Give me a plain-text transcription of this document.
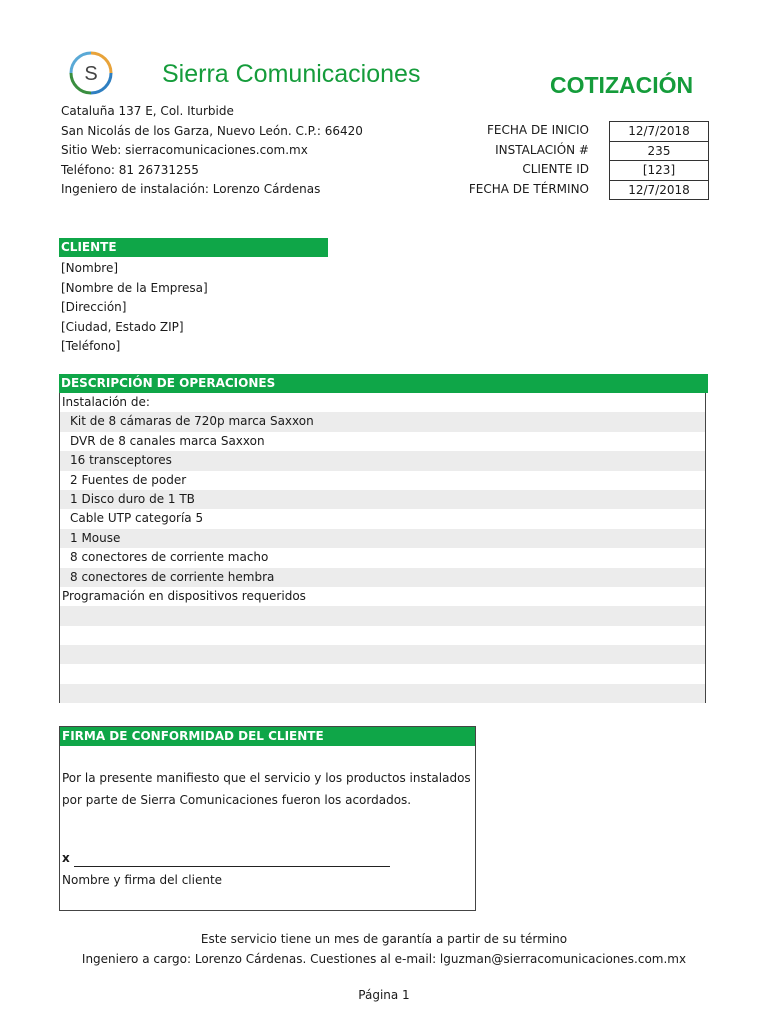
S	Sierra Comunicaciones	COTIZACIÓN
Cataluña 137 E, Col. Iturbide
San Nicolás de los Garza, Nuevo León. C.P.: 66420
Sitio Web: sierracomunicaciones.com.mx
Teléfono: 81 26731255
Ingeniero de instalación: Lorenzo Cárdenas
FECHA DE INICIO
INSTALACIÓN #
CLIENTE ID
FECHA DE TÉRMINO
12/7/2018
235
[123]
12/7/2018
CLIENTE
[Nombre]
[Nombre de la Empresa]
[Dirección]
[Ciudad, Estado ZIP]
[Teléfono]
DESCRIPCIÓN DE OPERACIONES
Instalación de:
Kit de 8 cámaras de 720p marca Saxxon
DVR de 8 canales marca Saxxon
16 transceptores
2 Fuentes de poder
1 Disco duro de 1 TB
Cable UTP categoría 5
1 Mouse
8 conectores de corriente macho
8 conectores de corriente hembra
Programación en dispositivos requeridos
FIRMA DE CONFORMIDAD DEL CLIENTE
Por la presente manifiesto que el servicio y los productos instalados por parte de Sierra Comunicaciones fueron los acordados.
x
Nombre y firma del cliente
Este servicio tiene un mes de garantía a partir de su término
Ingeniero a cargo: Lorenzo Cárdenas. Cuestiones al e-mail: lguzman@sierracomunicaciones.com.mx
Página 1
